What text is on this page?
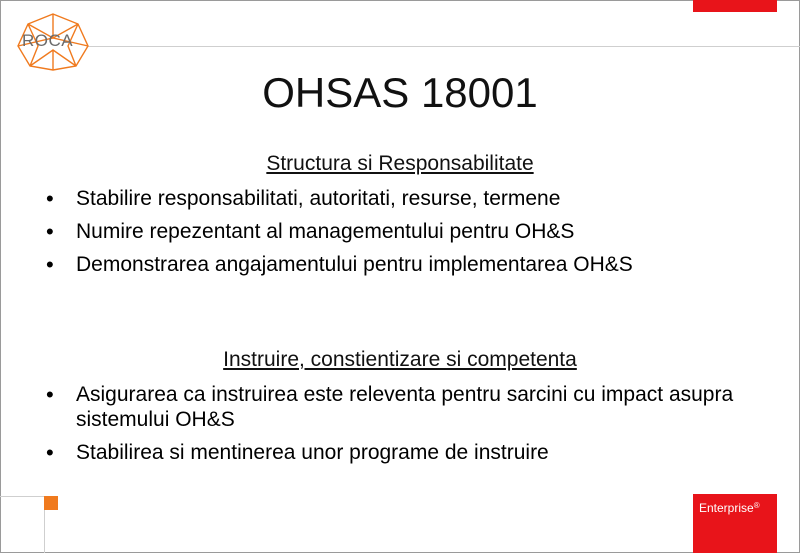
ROCA
OHSAS 18001
Structura si Responsabilitate
• Stabilire responsabilitati, autoritati, resurse, termene
• Numire repezentant al managementului pentru OH&S
• Demonstrarea angajamentului pentru implementarea OH&S
Instruire, constientizare si competenta
• Asigurarea ca instruirea este releventa pentru sarcini cu impact asupra sistemului OH&S
• Stabilirea si mentinerea unor programe de instruire
Enterprise®
